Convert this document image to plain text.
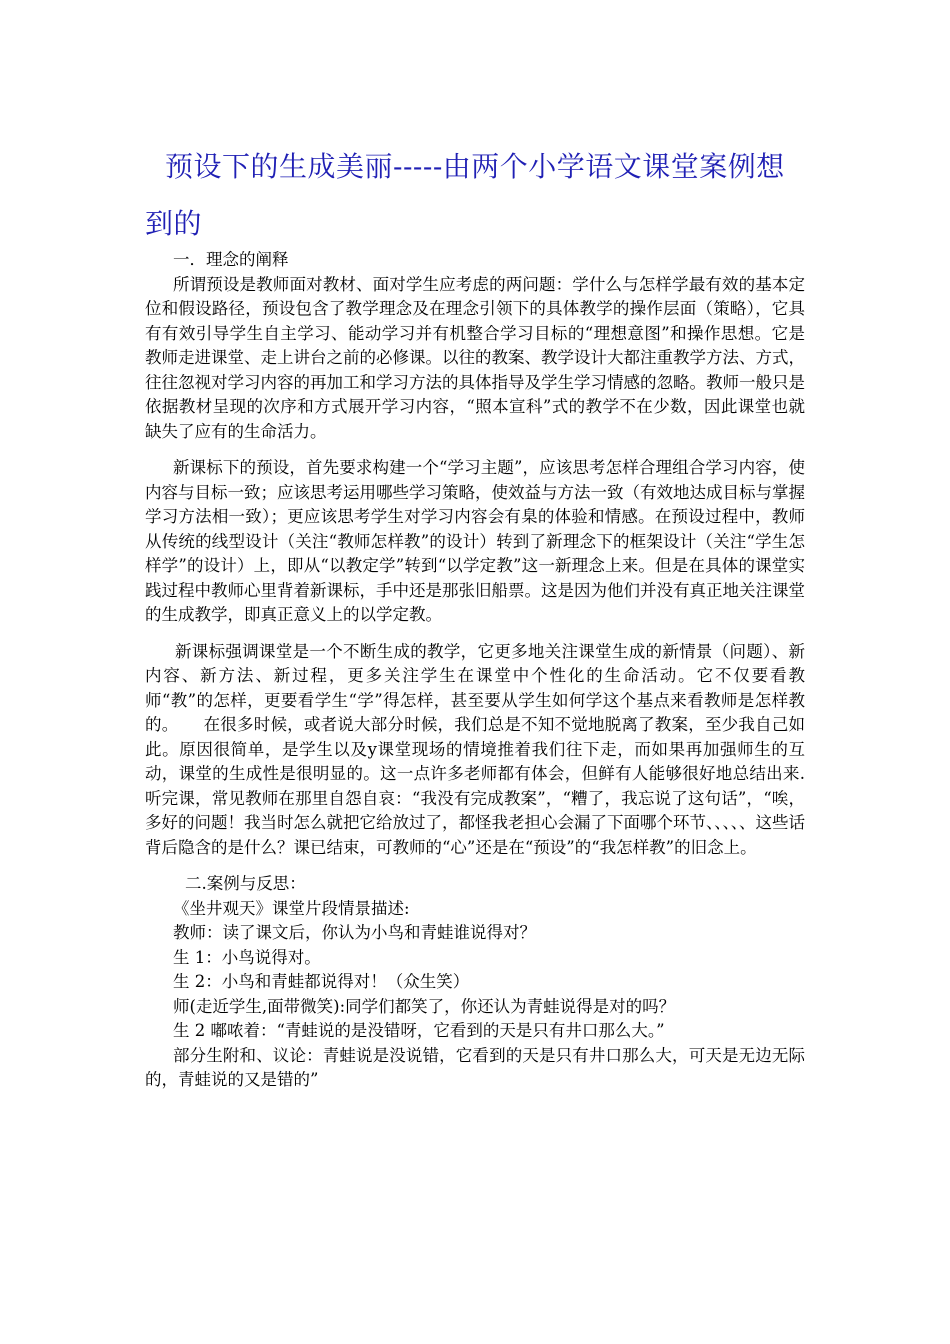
预设下的生成美丽-----由两个小学语文课堂案例想到的

一．理念的阐释

所谓预设是教师面对教材、面对学生应考虑的两问题：学什么与怎样学最有效的基本定位和假设路径，预设包含了教学理念及在理念引领下的具体教学的操作层面（策略），它具有有效引导学生自主学习、能动学习并有机整合学习目标的“理想意图”和操作思想。它是教师走进课堂、走上讲台之前的必修课。以往的教案、教学设计大都注重教学方法、方式，往往忽视对学习内容的再加工和学习方法的具体指导及学生学习情感的忽略。教师一般只是依据教材呈现的次序和方式展开学习内容，“照本宣科”式的教学不在少数，因此课堂也就缺失了应有的生命活力。

新课标下的预设，首先要求构建一个“学习主题”，应该思考怎样合理组合学习内容，使内容与目标一致；应该思考运用哪些学习策略，使效益与方法一致（有效地达成目标与掌握学习方法相一致）；更应该思考学生对学习内容会有臬的体验和情感。在预设过程中，教师从传统的线型设计（关注“教师怎样教”的设计）转到了新理念下的框架设计（关注“学生怎样学”的设计）上，即从“以教定学”转到“以学定教”这一新理念上来。但是在具体的课堂实践过程中教师心里背着新课标，手中还是那张旧船票。这是因为他们并没有真正地关注课堂的生成教学，即真正意义上的以学定教。

新课标强调课堂是一个不断生成的教学，它更多地关注课堂生成的新情景（问题）、新内容、新方法、新过程，更多关注学生在课堂中个性化的生命活动。它不仅要看教师“教”的怎样，更要看学生“学”得怎样，甚至要从学生如何学这个基点来看教师是怎样教的。　　在很多时候，或者说大部分时候，我们总是不知不觉地脱离了教案，至少我自己如此。原因很简单，是学生以及y课堂现场的情境推着我们往下走，而如果再加强师生的互动，课堂的生成性是很明显的。这一点许多老师都有体会，但鲜有人能够很好地总结出来.听完课，常见教师在那里自怨自哀：“我没有完成教案”，“糟了，我忘说了这句话”，“唉，多好的问题！我当时怎么就把它给放过了，都怪我老担心会漏了下面哪个环节、、、、、这些话背后隐含的是什么？课已结束，可教师的“心”还是在“预设”的“我怎样教”的旧念上。

二.案例与反思：

《坐井观天》课堂片段情景描述:

教师：读了课文后，你认为小鸟和青蛙谁说得对？

生 1：小鸟说得对。

生 2：小鸟和青蛙都说得对！（众生笑）

师(走近学生,面带微笑):同学们都笑了，你还认为青蛙说得是对的吗？

生 2 嘟哝着：“青蛙说的是没错呀，它看到的天是只有井口那么大。”

部分生附和、议论：青蛙说是没说错，它看到的天是只有井口那么大，可天是无边无际的，青蛙说的又是错的”
